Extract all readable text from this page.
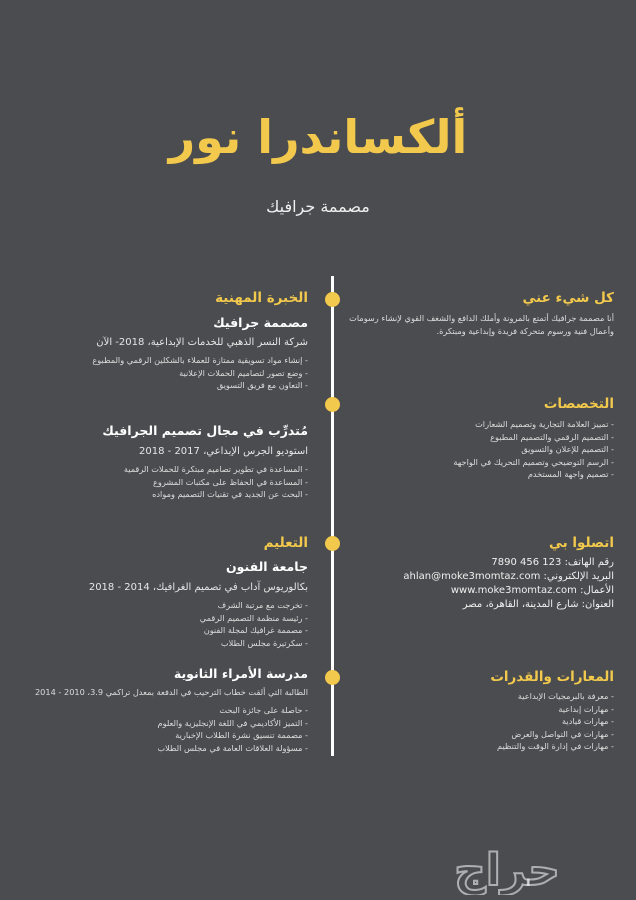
ألكساندرا نور
مصممة جرافيك
كل شيء عني
أنا مصممة جرافيك أتمتع بالمرونة وأملك الدافع والشغف القوي لإنشاء رسومات وأعمال فنية ورسوم متحركة فريدة وإبداعية ومبتكرة.
التخصصات
- تمييز العلامة التجارية وتصميم الشعارات
- التصميم الرقمي والتصميم المطبوع
- التصميم للإعلان والتسويق
- الرسم التوضيحي وتصميم التحريك في الواجهة
- تصميم واجهة المستخدم
اتصلوا بي
رقم الهاتف: 7890 456 123
البريد الإلكتروني: ahlan@moke3momtaz.com
الأعمال: www.moke3momtaz.com
العنوان: شارع المدينة، القاهرة، مصر
المعارات والقدرات
- معرفة بالبرمجيات الإبداعية
- مهارات إبداعية
- مهارات قيادية
- مهارات في التواصل والعرض
- مهارات في إدارة الوقت والتنظيم
الخبرة المهنية
مصممة جرافيك
شركة النسر الذهبي للخدمات الإبداعية، 2018- الآن
- إنشاء مواد تسويقية ممتازة للعملاء بالشكلين الرقمي والمطبوع
- وضع تصور لتصاميم الحملات الإعلانية
- التعاون مع فريق التسويق
مُتدرِّب في مجال تصميم الجرافيك
استوديو الجرس الإبداعي، 2017 - 2018
- المساعدة في تطوير تصاميم مبتكرة للحملات الرقمية
- المساعدة في الحفاظ على مكتبات المشروع
- البحث عن الجديد في تقنيات التصميم ومواده
التعليم
جامعة الفنون
بكالوريوس آداب في تصميم الغرافيك، 2014 - 2018
- تخرجت مع مرتبة الشرف
- رئيسة منظمة التصميم الرقمي
- مصممة غرافيك لمجلة الفنون
- سكرتيرة مجلس الطلاب
مدرسة الأمراء الثانوية
الطالبة التي ألقت خطاب الترحيب في الدفعة بمعدل تراكمي 3.9، 2010 - 2014
- حاصلة على جائزة البحث
- التميز الأكاديمي في اللغة الإنجليزية والعلوم
- مصممة تنسيق نشرة الطلاب الإخبارية
- مسؤولة العلاقات العامة في مجلس الطلاب
حراج
